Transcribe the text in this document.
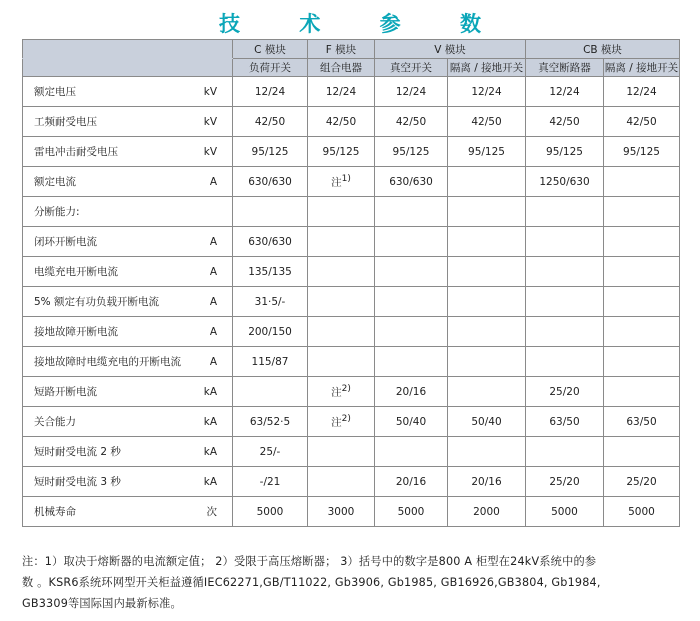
技 术 参 数
		C 模块	F 模块	V 模块		CB 模块	
		负荷开关	组合电器	真空开关	隔离 / 接地开关	真空断路器	隔离 / 接地开关
额定电压	kV	12/24	12/24	12/24	12/24	12/24	12/24
工频耐受电压	kV	42/50	42/50	42/50	42/50	42/50	42/50
雷电冲击耐受电压	kV	95/125	95/125	95/125	95/125	95/125	95/125
额定电流	A	630/630	注1)	630/630		1250/630	
分断能力:							
闭环开断电流	A	630/630					
电缆充电开断电流	A	135/135					
5% 额定有功负载开断电流	A	31·5/-					
接地故障开断电流	A	200/150					
接地故障时电缆充电的开断电流	A	115/87					
短路开断电流	kA		注2)	20/16		25/20	
关合能力	kA	63/52·5	注2)	50/40	50/40	63/50	63/50
短时耐受电流 2 秒	kA	25/-					
短时耐受电流 3 秒	kA	-/21		20/16	20/16	25/20	25/20
机械寿命	次	5000	3000	5000	2000	5000	5000

注：1）取决于熔断器的电流额定值； 2）受限于高压熔断器； 3）括号中的数字是800 A 柜型在24kV系统中的参

数 。KSR6系统环网型开关柜益遵循IEC62271,GB/T11022, Gb3906, Gb1985, GB16926,GB3804, Gb1984,

GB3309等国际国内最新标准。
